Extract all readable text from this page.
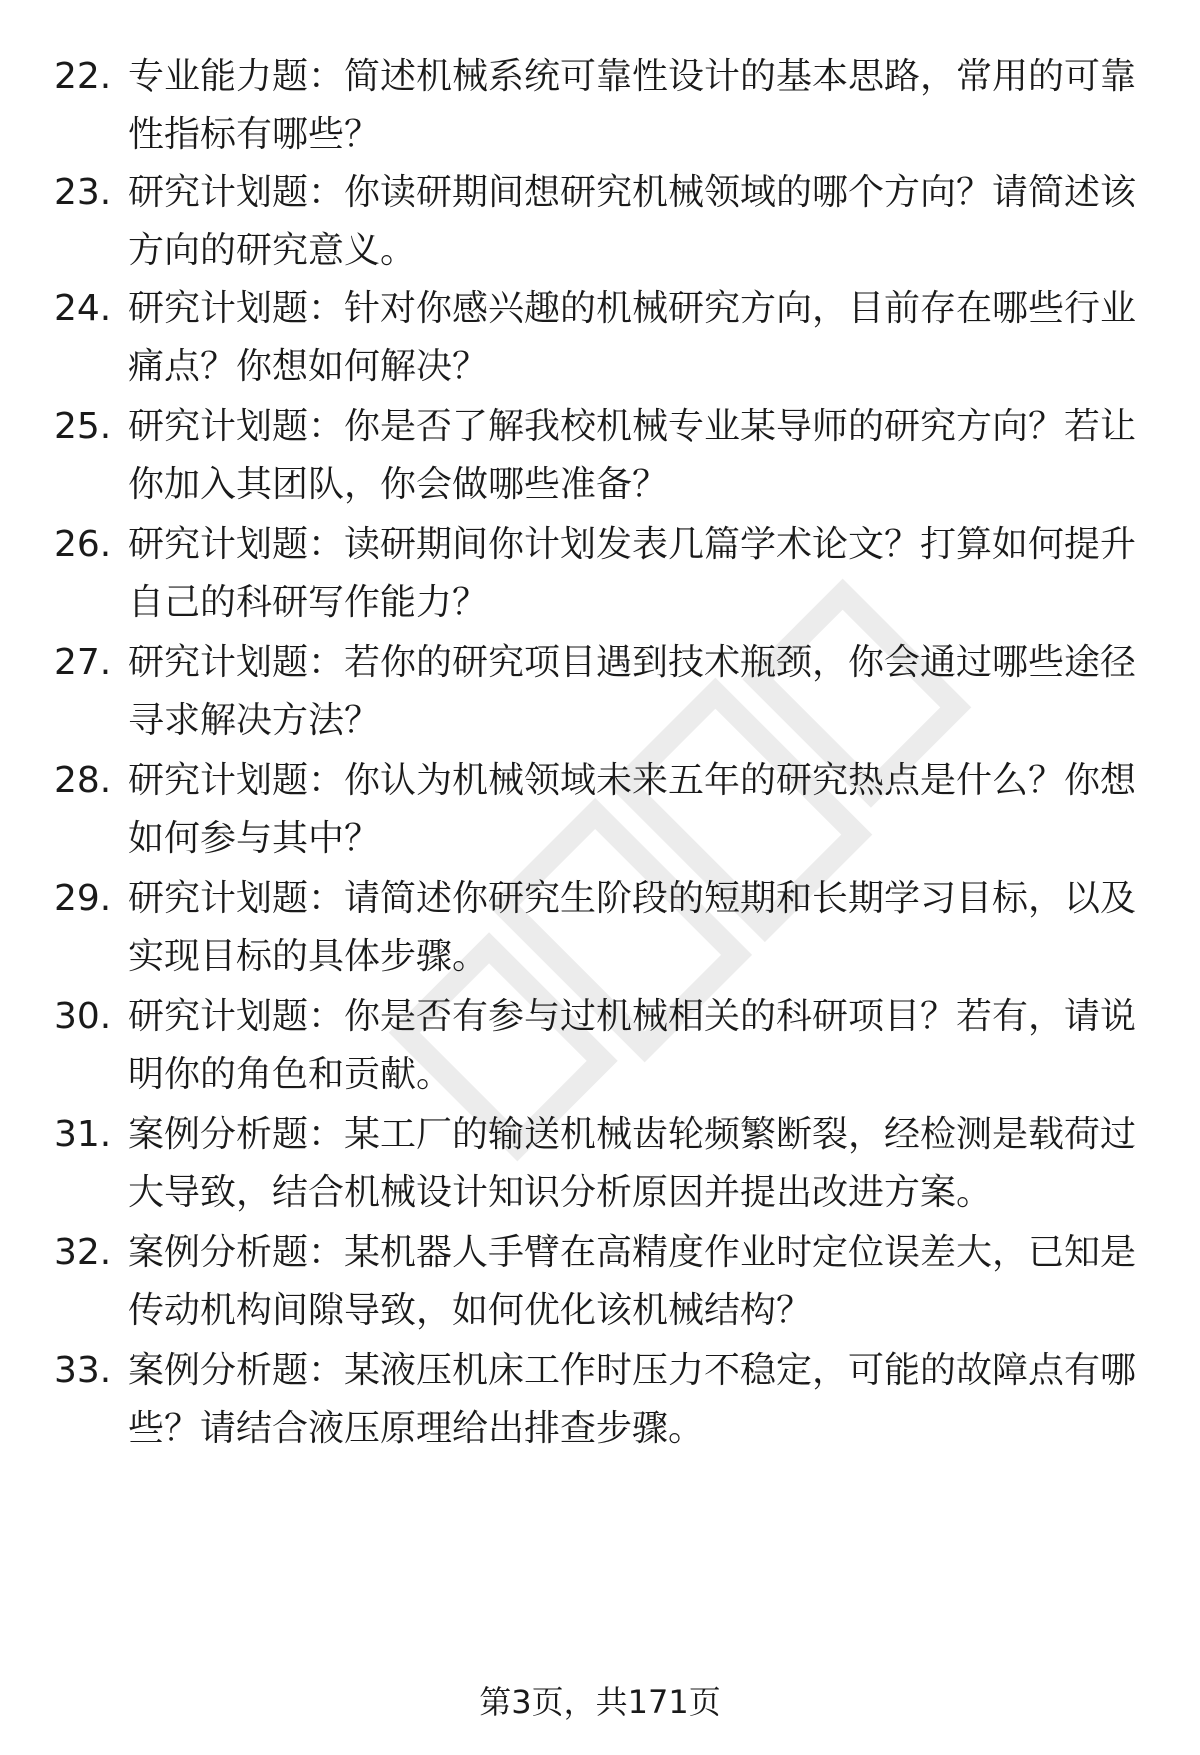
22. 专业能力题：简述机械系统可靠性设计的基本思路，常用的可靠性指标有哪些？
23. 研究计划题：你读研期间想研究机械领域的哪个方向？请简述该方向的研究意义。
24. 研究计划题：针对你感兴趣的机械研究方向，目前存在哪些行业痛点？你想如何解决？
25. 研究计划题：你是否了解我校机械专业某导师的研究方向？若让你加入其团队，你会做哪些准备？
26. 研究计划题：读研期间你计划发表几篇学术论文？打算如何提升自己的科研写作能力？
27. 研究计划题：若你的研究项目遇到技术瓶颈，你会通过哪些途径寻求解决方法？
28. 研究计划题：你认为机械领域未来五年的研究热点是什么？你想如何参与其中？
29. 研究计划题：请简述你研究生阶段的短期和长期学习目标，以及实现目标的具体步骤。
30. 研究计划题：你是否有参与过机械相关的科研项目？若有，请说明你的角色和贡献。
31. 案例分析题：某工厂的输送机械齿轮频繁断裂，经检测是载荷过大导致，结合机械设计知识分析原因并提出改进方案。
32. 案例分析题：某机器人手臂在高精度作业时定位误差大，已知是传动机构间隙导致，如何优化该机械结构？
33. 案例分析题：某液压机床工作时压力不稳定，可能的故障点有哪些？请结合液压原理给出排查步骤。
第3页，共171页
